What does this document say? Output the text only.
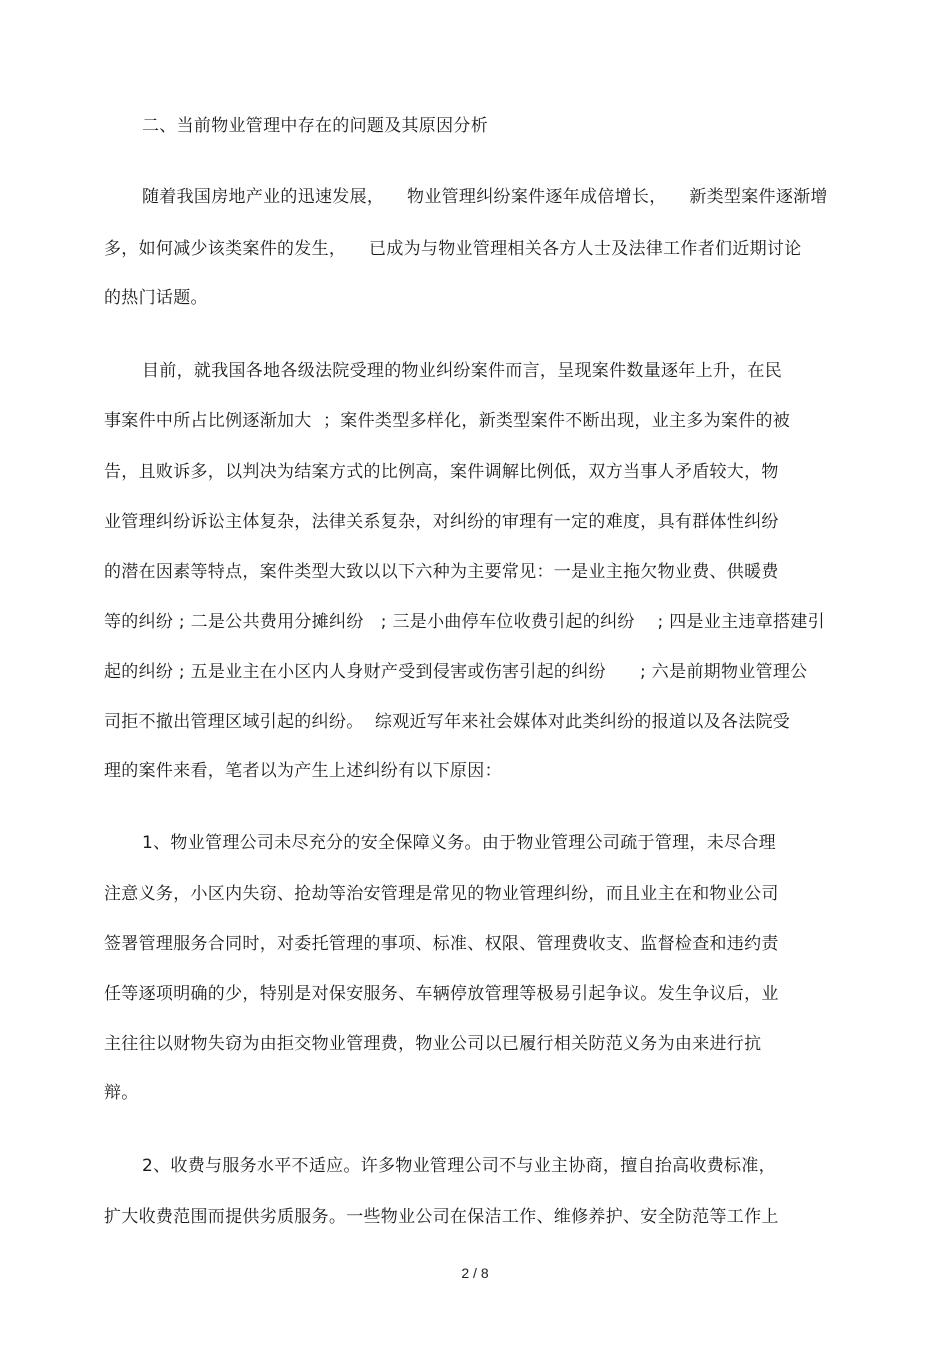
二、当前物业管理中存在的问题及其原因分析
随着我国房地产业的迅速发展，    物业管理纠纷案件逐年成倍增长，    新类型案件逐渐增
多，如何减少该类案件的发生，    已成为与物业管理相关各方人士及法律工作者们近期讨论
的热门话题。
目前，就我国各地各级法院受理的物业纠纷案件而言，呈现案件数量逐年上升，在民
事案件中所占比例逐渐加大  ；案件类型多样化，新类型案件不断出现，业主多为案件的被
告，且败诉多，以判决为结案方式的比例高，案件调解比例低，双方当事人矛盾较大，物
业管理纠纷诉讼主体复杂，法律关系复杂，对纠纷的审理有一定的难度，具有群体性纠纷
的潜在因素等特点，案件类型大致以以下六种为主要常见：一是业主拖欠物业费、供暖费
等的纠纷 ; 二是公共费用分摊纠纷   ; 三是小曲停车位收费引起的纠纷    ; 四是业主违章搭建引
起的纠纷 ; 五是业主在小区内人身财产受到侵害或伤害引起的纠纷      ; 六是前期物业管理公
司拒不撤出管理区域引起的纠纷。  综观近写年来社会媒体对此类纠纷的报道以及各法院受
理的案件来看，笔者以为产生上述纠纷有以下原因：
1、物业管理公司未尽充分的安全保障义务。由于物业管理公司疏于管理，未尽合理
注意义务，小区内失窃、抢劫等治安管理是常见的物业管理纠纷，而且业主在和物业公司
签署管理服务合同时，对委托管理的事项、标准、权限、管理费收支、监督检查和违约责
任等逐项明确的少，特别是对保安服务、车辆停放管理等极易引起争议。发生争议后，业
主往往以财物失窃为由拒交物业管理费，物业公司以已履行相关防范义务为由来进行抗
辩。
2、收费与服务水平不适应。许多物业管理公司不与业主协商，擅自抬高收费标准，
扩大收费范围而提供劣质服务。一些物业公司在保洁工作、维修养护、安全防范等工作上
2 / 8
